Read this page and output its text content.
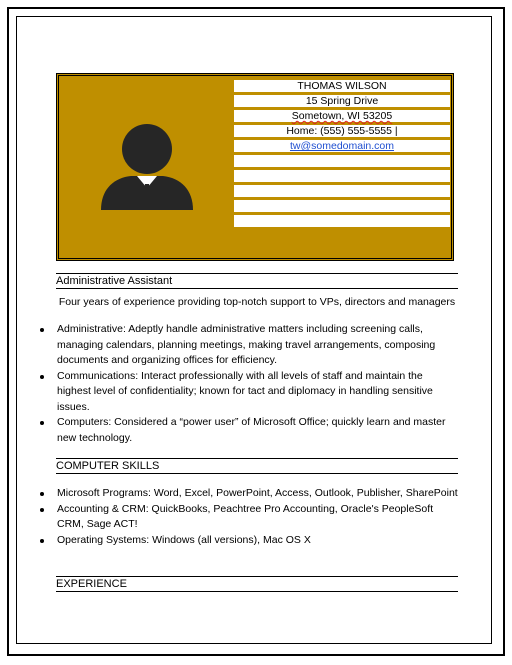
THOMAS WILSON
15 Spring Drive
Sometown, WI 53205
Home: (555) 555-5555 |
tw@somedomain.com
Administrative Assistant
Four years of experience providing top-notch support to VPs, directors and managers
Administrative: Adeptly handle administrative matters including screening calls, managing calendars, planning meetings, making travel arrangements, composing documents and organizing offices for efficiency.
Communications: Interact professionally with all levels of staff and maintain the highest level of confidentiality; known for tact and diplomacy in handling sensitive issues.
Computers: Considered a “power user” of Microsoft Office; quickly learn and master new technology.
COMPUTER SKILLS
Microsoft Programs: Word, Excel, PowerPoint, Access, Outlook, Publisher, SharePoint
Accounting & CRM: QuickBooks, Peachtree Pro Accounting, Oracle's PeopleSoft CRM, Sage ACT!
Operating Systems: Windows (all versions), Mac OS X
EXPERIENCE
